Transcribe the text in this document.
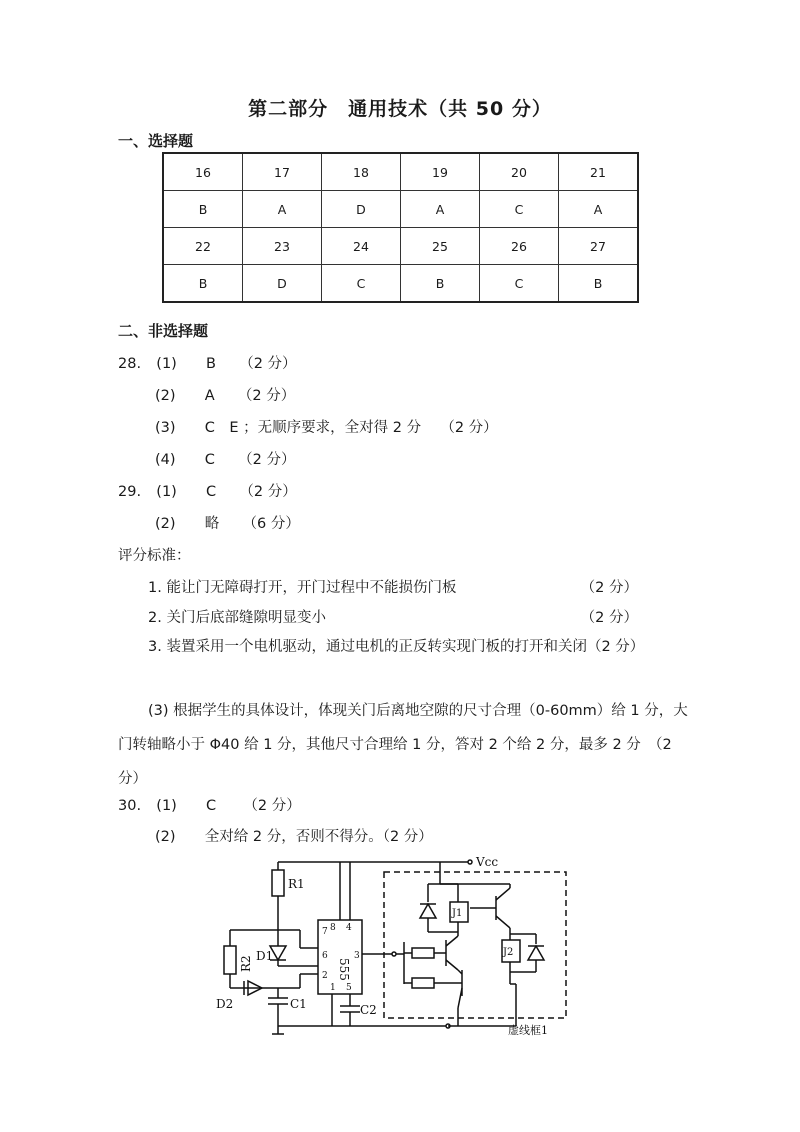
第二部分　通用技术（共 50 分）
一、选择题
16	17	18	19	20	21
B	A	D	A	C	A
22	23	24	25	26	27
B	D	C	B	C	B
二、非选择题
28. (1) B （2 分）
(2) A （2 分）
(3) C　E ；无顺序要求，全对得 2 分 （2 分）
(4) C （2 分）
29. (1) C （2 分）
(2) 略 （6 分）
评分标准：
1. 能让门无障碍打开，开门过程中不能损伤门板	（2 分）
2. 关门后底部缝隙明显变小	（2 分）
3. 装置采用一个电机驱动，通过电机的正反转实现门板的打开和关闭（2 分）
(3) 根据学生的具体设计，体现关门后离地空隙的尺寸合理（0-60mm）给 1 分，大门转轴略小于 Φ40 给 1 分，其他尺寸合理给 1 分，答对 2 个给 2 分，最多 2 分　（2 分）
30. (1) C （2 分）
(2) 全对给 2 分，否则不得分。（2 分）
Vcc
R1
R2 D1
D2	C1
555
7 8 4
6
2
1 5
3
C2
虚线框1
J1
J2
